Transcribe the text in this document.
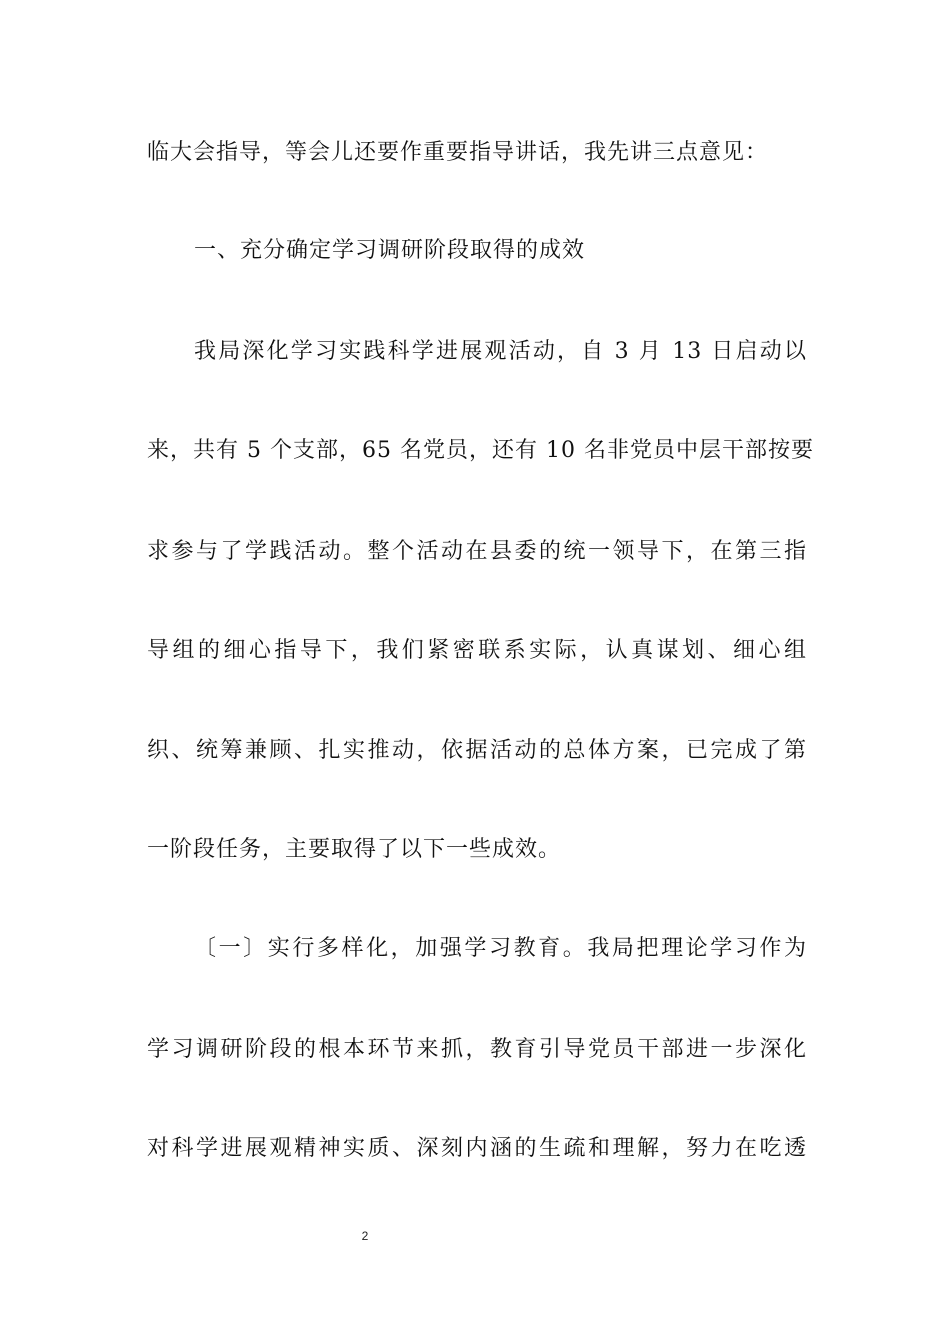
临大会指导，等会儿还要作重要指导讲话，我先讲三点意见：
一、充分确定学习调研阶段取得的成效
我局深化学习实践科学进展观活动，自 3 月 13 日启动以
来，共有 5 个支部，65 名党员，还有 10 名非党员中层干部按要
求参与了学践活动。整个活动在县委的统一领导下，在第三指
导组的细心指导下，我们紧密联系实际，认真谋划、细心组
织、统筹兼顾、扎实推动，依据活动的总体方案，已完成了第
一阶段任务，主要取得了以下一些成效。
〔一〕实行多样化，加强学习教育。我局把理论学习作为
学习调研阶段的根本环节来抓，教育引导党员干部进一步深化
对科学进展观精神实质、深刻内涵的生疏和理解，努力在吃透
2
